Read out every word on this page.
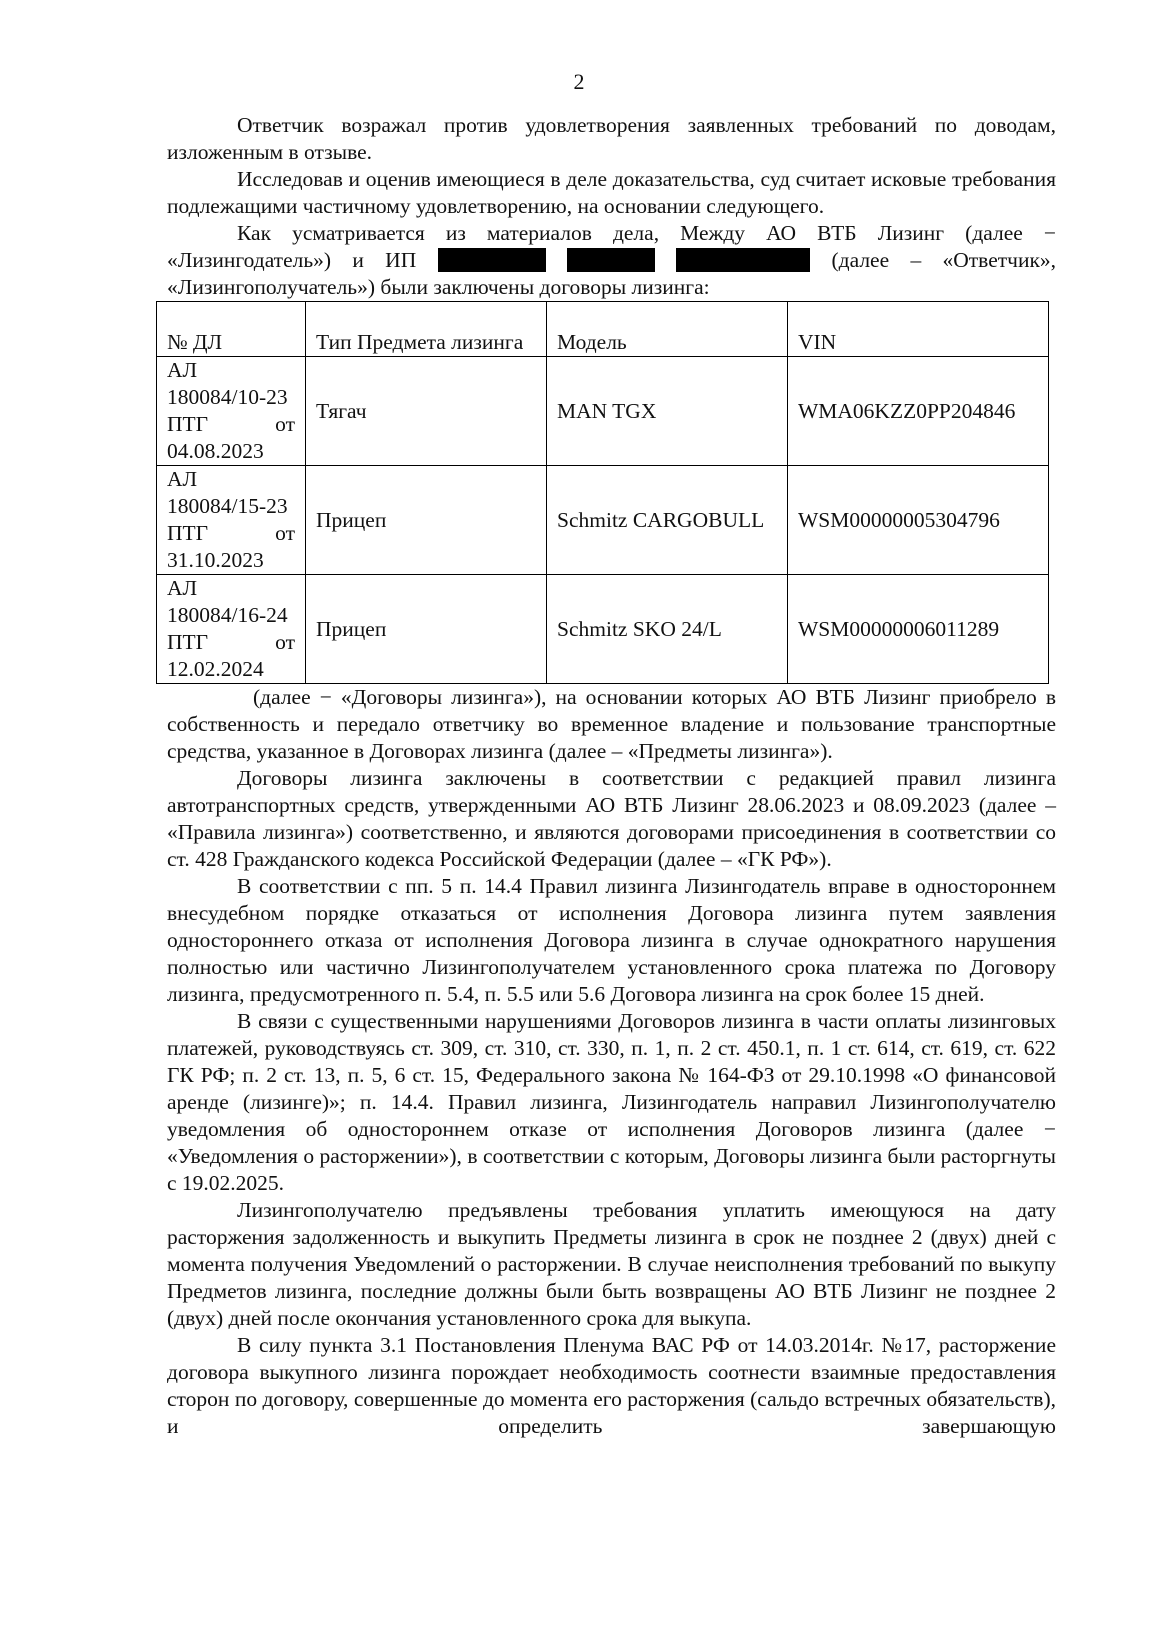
2

Ответчик возражал против удовлетворения заявленных требований по доводам, изложенным в отзыве.

Исследовав и оценив имеющиеся в деле доказательства, суд считает исковые требования подлежащими частичному удовлетворению, на основании следующего.

Как усматривается из материалов дела, Между АО ВТБ Лизинг (далее − «Лизингодатель») и ИП	(далее – «Ответчик», «Лизингополучатель») были заключены договоры лизинга:

№ ДЛ	Тип Предмета лизинга	Модель	VIN
АЛ 180084/10-23 ПТГ от 04.08.2023	Тягач	MAN TGX	WMA06KZZ0PP204846
АЛ 180084/15-23 ПТГ от 31.10.2023	Прицеп	Schmitz CARGOBULL	WSM00000005304796
АЛ 180084/16-24 ПТГ от 12.02.2024	Прицеп	Schmitz SKO 24/L	WSM00000006011289

(далее − «Договоры лизинга»), на основании которых АО ВТБ Лизинг приобрело в собственность и передало ответчику во временное владение и пользование транспортные средства, указанное в Договорах лизинга (далее – «Предметы лизинга»).

Договоры лизинга заключены в соответствии с редакцией правил лизинга автотранспортных средств, утвержденными АО ВТБ Лизинг 28.06.2023 и 08.09.2023 (далее – «Правила лизинга») соответственно, и являются договорами присоединения в соответствии со ст. 428 Гражданского кодекса Российской Федерации (далее – «ГК РФ»).

В соответствии с пп. 5 п. 14.4 Правил лизинга Лизингодатель вправе в одностороннем внесудебном порядке отказаться от исполнения Договора лизинга путем заявления одностороннего отказа от исполнения Договора лизинга в случае однократного нарушения полностью или частично Лизингополучателем установленного срока платежа по Договору лизинга, предусмотренного п. 5.4, п. 5.5 или 5.6 Договора лизинга на срок более 15 дней.

В связи с существенными нарушениями Договоров лизинга в части оплаты лизинговых платежей, руководствуясь ст. 309, ст. 310, ст. 330, п. 1, п. 2 ст. 450.1, п. 1 ст. 614, ст. 619, ст. 622 ГК РФ; п. 2 ст. 13, п. 5, 6 ст. 15, Федерального закона № 164-ФЗ от 29.10.1998 «О финансовой аренде (лизинге)»; п. 14.4. Правил лизинга, Лизингодатель направил Лизингополучателю уведомления об одностороннем отказе от исполнения Договоров лизинга (далее − «Уведомления о расторжении»), в соответствии с которым, Договоры лизинга были расторгнуты с 19.02.2025.

Лизингополучателю предъявлены требования уплатить имеющуюся на дату расторжения задолженность и выкупить Предметы лизинга в срок не позднее 2 (двух) дней с момента получения Уведомлений о расторжении. В случае неисполнения требований по выкупу Предметов лизинга, последние должны были быть возвращены АО ВТБ Лизинг не позднее 2 (двух) дней после окончания установленного срока для выкупа.

В силу пункта 3.1 Постановления Пленума ВАС РФ от 14.03.2014г. №17, расторжение договора выкупного лизинга порождает необходимость соотнести взаимные предоставления сторон по договору, совершенные до момента его расторжения (сальдо встречных обязательств), и определить завершающую
